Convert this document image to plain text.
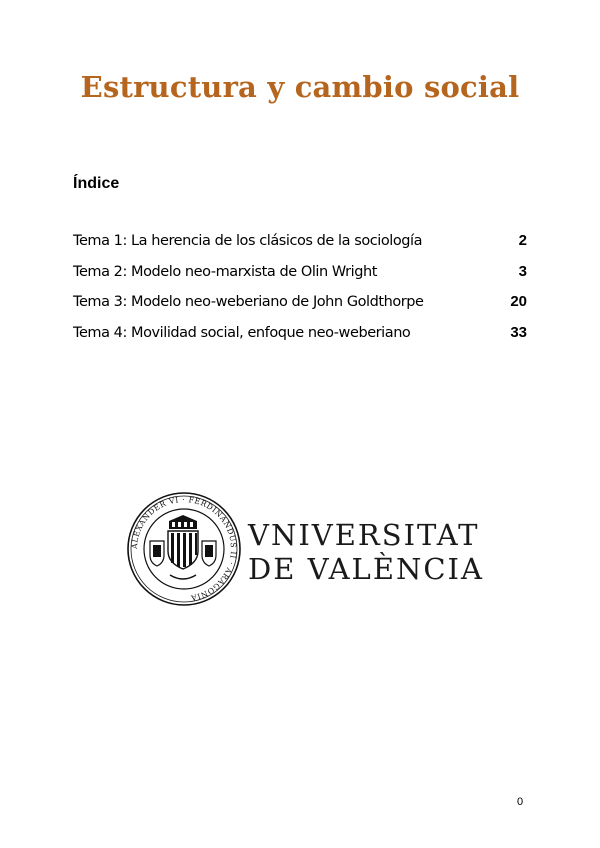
Estructura y cambio social
Índice
Tema 1: La herencia de los clásicos de la sociología	2
Tema 2: Modelo neo-marxista de Olin Wright	3
Tema 3: Modelo neo-weberiano de John Goldthorpe	20
Tema 4: Movilidad social, enfoque neo-weberiano	33
ALEXANDER VI · FERDINANDUS II · ARAGONIA
VNIVERSITAT
DE VALÈNCIA
0
